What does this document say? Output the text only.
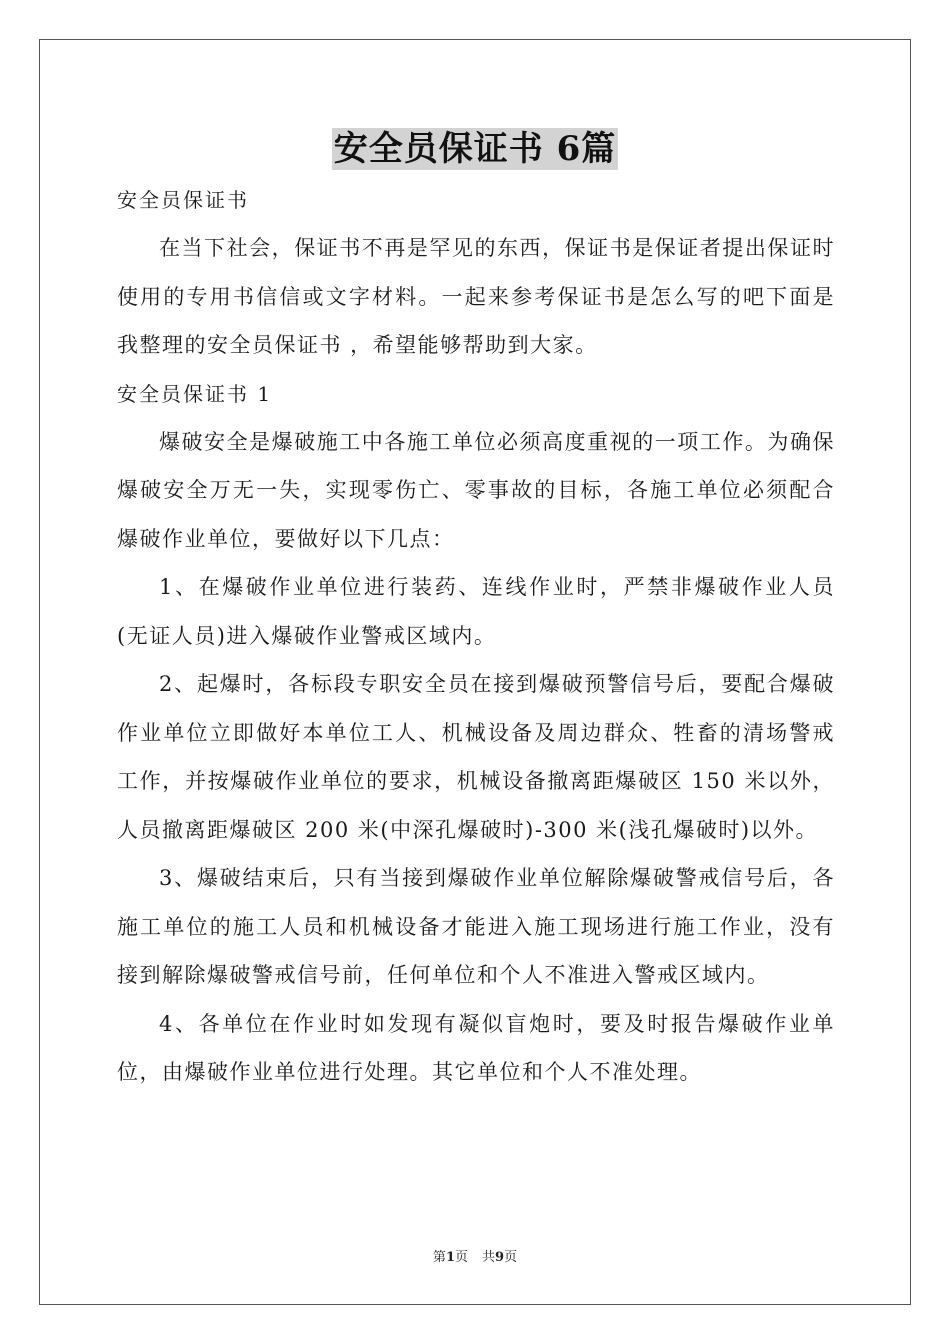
安全员保证书 6篇

安全员保证书

在当下社会，保证书不再是罕见的东西，保证书是保证者提出保证时使用的专用书信信或文字材料。一起来参考保证书是怎么写的吧下面是我整理的安全员保证书 ，希望能够帮助到大家。

安全员保证书 1

爆破安全是爆破施工中各施工单位必须高度重视的一项工作。为确保爆破安全万无一失，实现零伤亡、零事故的目标，各施工单位必须配合爆破作业单位，要做好以下几点：

1、在爆破作业单位进行装药、连线作业时，严禁非爆破作业人员(无证人员)进入爆破作业警戒区域内。

2、起爆时，各标段专职安全员在接到爆破预警信号后，要配合爆破作业单位立即做好本单位工人、机械设备及周边群众、牲畜的清场警戒工作，并按爆破作业单位的要求，机械设备撤离距爆破区 150 米以外，人员撤离距爆破区 200 米(中深孔爆破时)-300 米(浅孔爆破时)以外。

3、爆破结束后，只有当接到爆破作业单位解除爆破警戒信号后，各施工单位的施工人员和机械设备才能进入施工现场进行施工作业，没有接到解除爆破警戒信号前，任何单位和个人不准进入警戒区域内。

4、各单位在作业时如发现有凝似盲炮时，要及时报告爆破作业单位，由爆破作业单位进行处理。其它单位和个人不准处理。

第1页 共9页
